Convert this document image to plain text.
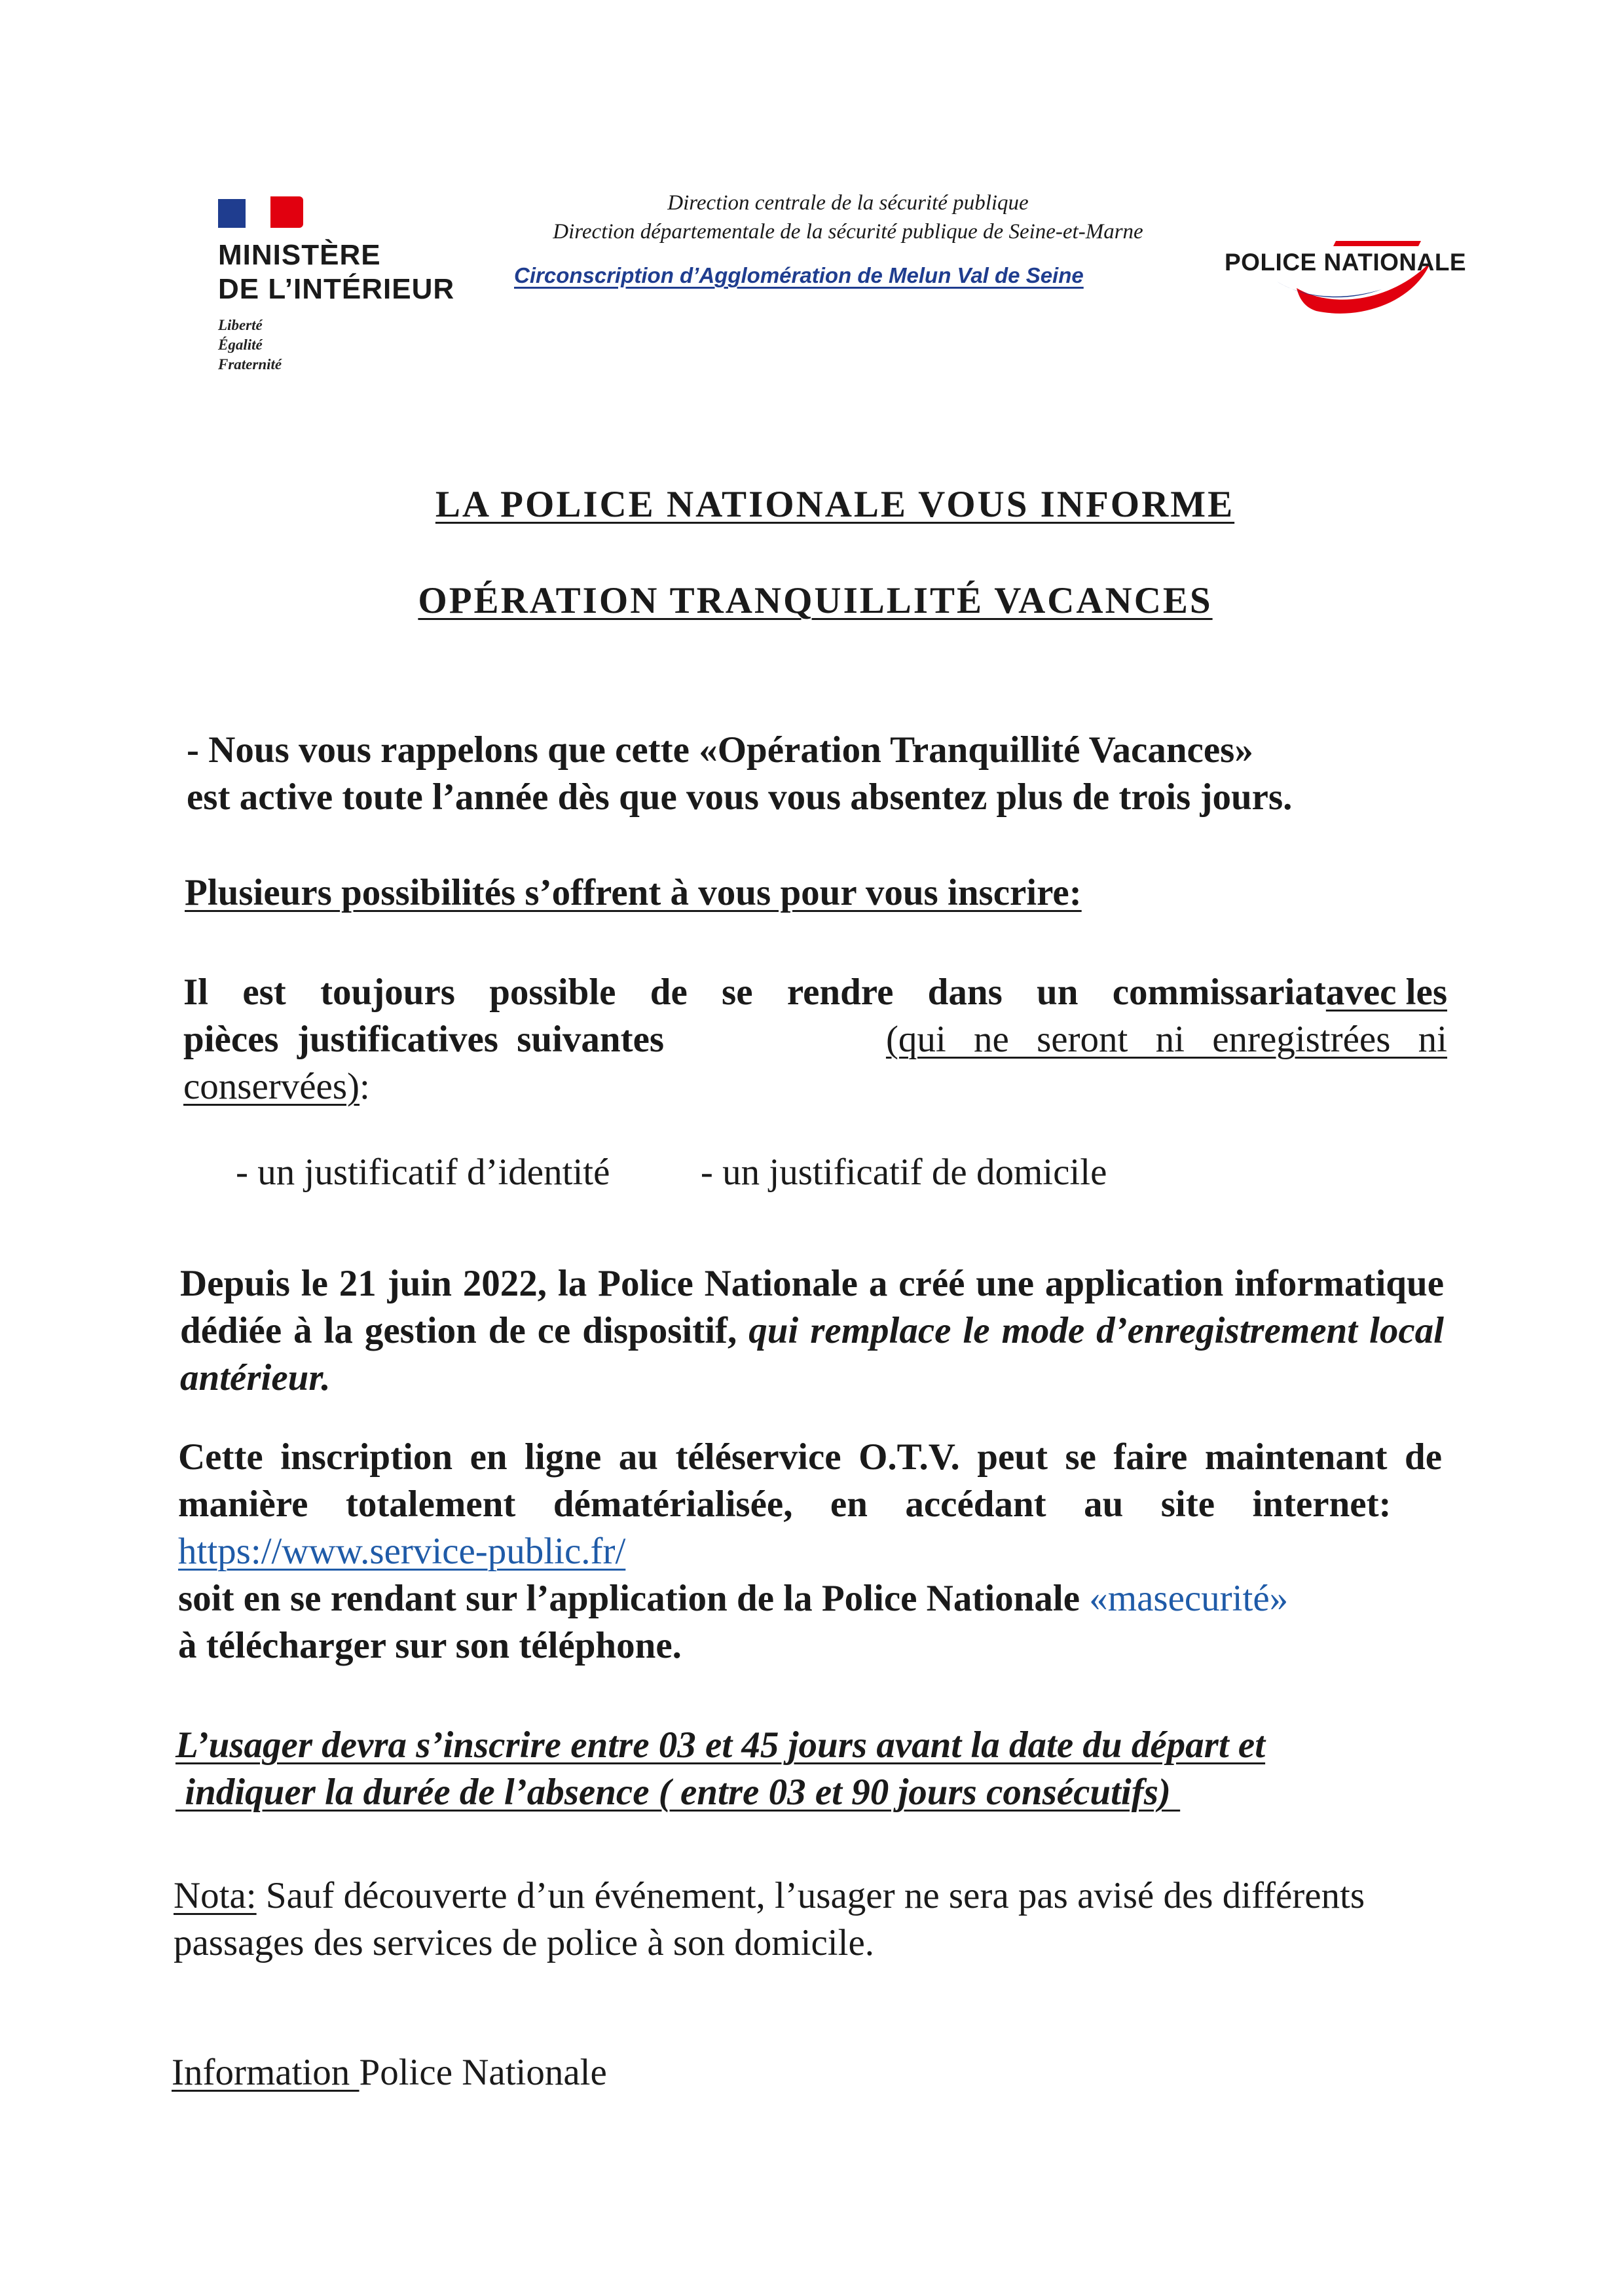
MINISTÈRE
DE L’INTÉRIEUR
Liberté
Égalité
Fraternité
Direction centrale de la sécurité publique
Direction départementale de la sécurité publique de Seine-et-Marne
Circonscription d’Agglomération de Melun Val de Seine	POLICE NATIONALE
LA POLICE NATIONALE VOUS INFORME
OPÉRATION TRANQUILLITÉ VACANCES
- Nous vous rappelons que cette «Opération Tranquillité Vacances»
est active toute l’année dès que vous vous absentez plus de trois jours.
Plusieurs possibilités s’offrent à vous pour vous inscrire:
Il est toujours possible de se rendre dans un commissariat avec les
pièces justificatives suivantes	(qui ne seront ni enregistrées ni
conservées):
- un justificatif d’identité - un justificatif de domicile
Depuis le 21 juin 2022, la Police Nationale a créé une application informatique dédiée à la gestion de ce dispositif, qui remplace le mode d’enregistrement local antérieur.
Cette inscription en ligne au téléservice O.T.V. peut se faire maintenant de manière totalement dématérialisée, en accédant au site internet:  https://www.service-public.fr/
soit en se rendant sur l’application de la Police Nationale «masecurité»
à télécharger sur son téléphone.
L’usager devra s’inscrire entre 03 et 45 jours avant la date du départ et
indiquer la durée de l’absence ( entre 03 et 90 jours consécutifs)
Nota: Sauf découverte d’un événement, l’usager ne sera pas avisé des différents passages des services de police à son domicile.
Information Police Nationale
